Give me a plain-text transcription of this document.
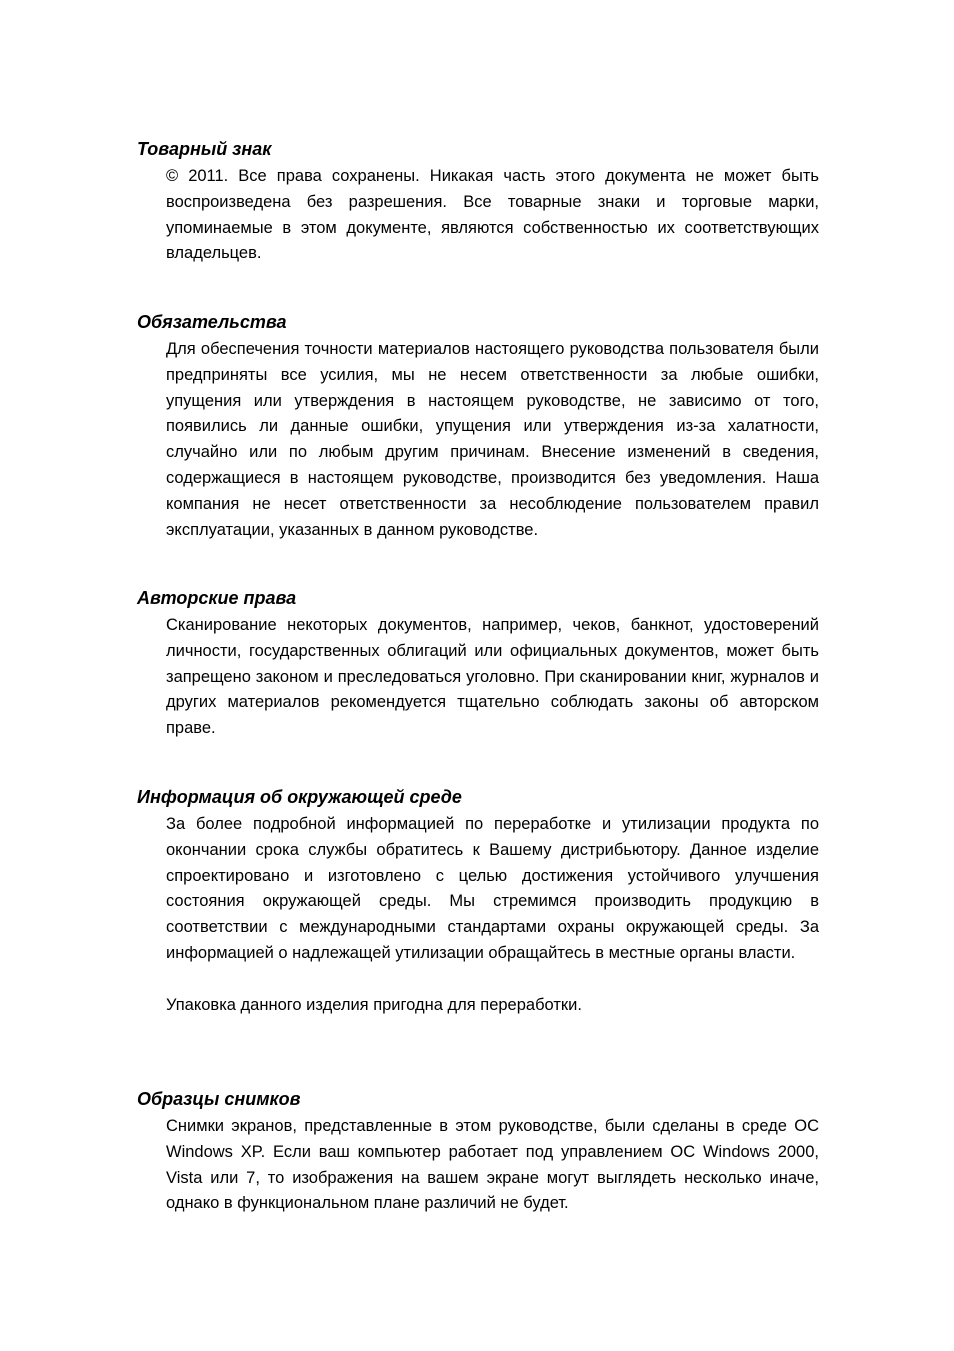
Товарный знак

© 2011. Все права сохранены. Никакая часть этого документа не может быть воспроизведена без разрешения. Все товарные знаки и торговые марки, упоминаемые в этом документе, являются собственностью их соответствующих владельцев.

Обязательства

Для обеспечения точности материалов настоящего руководства пользователя были предприняты все усилия, мы не несем ответственности за любые ошибки, упущения или утверждения в настоящем руководстве, не зависимо от того, появились ли данные ошибки, упущения или утверждения из-за халатности, случайно или по любым другим причинам. Внесение изменений в сведения, содержащиеся в настоящем руководстве, производится без уведомления. Наша компания не несет ответственности за несоблюдение пользователем правил эксплуатации, указанных в данном руководстве.

Авторские права

Сканирование некоторых документов, например, чеков, банкнот, удостоверений личности, государственных облигаций или официальных документов, может быть запрещено законом и преследоваться уголовно. При сканировании книг, журналов и других материалов рекомендуется тщательно соблюдать законы об авторском праве.

Информация об окружающей среде

За более подробной информацией по переработке и утилизации продукта по окончании срока службы обратитесь к Вашему дистрибьютору. Данное изделие спроектировано и изготовлено с целью достижения устойчивого улучшения состояния окружающей среды. Мы стремимся производить продукцию в соответствии с международными стандартами охраны окружающей среды. За информацией о надлежащей утилизации обращайтесь в местные органы власти.

Упаковка данного изделия пригодна для переработки.

Образцы снимков

Снимки экранов, представленные в этом руководстве, были сделаны в среде ОС Windows XP. Если ваш компьютер работает под управлением ОС Windows 2000, Vista или 7, то изображения на вашем экране могут выглядеть несколько иначе, однако в функциональном плане различий не будет.
